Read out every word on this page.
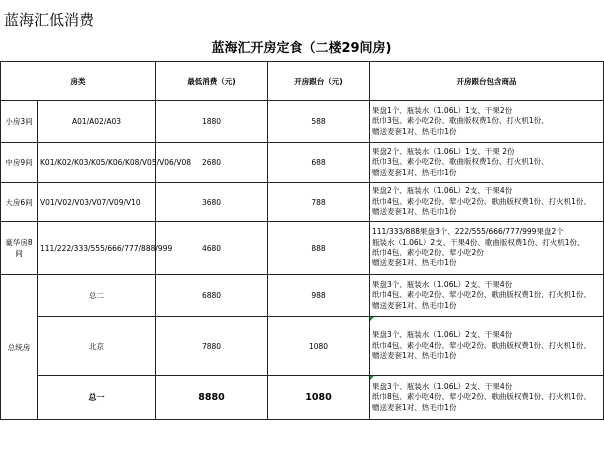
蓝海汇低消费
蓝海汇开房定食（二楼29间房)
房类		最低消费（元)	开房跟台（元)	开房跟台包含商品
小房3间	A01/A02/A03	1880	588	果盘1个、瓶装水（1.06L）1支、干果2份
纸巾3包、素小吃2份、歌曲版权费1份、打火机1份、
赠送麦套1对、热毛巾1份

中房9间	K01/K02/K03/K05/K06/K08/V05/V06/V08	2680	688	果盘2个、瓶装水（1.06L）1支、干果 2份
纸巾3包、素小吃2份、歌曲版权费1份、打火机1份、
赠送麦套1对、热毛巾1份

大房6间	V01/V02/V03/V07/V09/V10	3680	788	果盘2个、瓶装水（1.06L）2支、干果4份
纸巾4包、素小吃2份、荤小吃2份、歌曲版权费1份、打火机1份、
赠送麦套1对、热毛巾1份

豪华房8间	111/222/333/555/666/777/888/999	4680	888	111/333/888果盘3个、222/555/666/777/999果盘2个
瓶装水（1.06L）2支、干果4份、歌曲版权费1份、打火机1份、
纸巾4包、素小吃2份、荤小吃2份
赠送麦套1对、热毛巾1份

总统房	总二	6880	988	果盘3个、瓶装水（1.06L）2支、干果4份
纸巾4包、素小吃2份、荤小吃2份、歌曲版权费1份、打火机1份、
赠送麦套1对、热毛巾1份

	北京	7880	1080	果盘3个、瓶装水（1.06L）2支、干果4份
纸巾4包、素小吃4份、荤小吃2份、歌曲版权费1份、打火机1份、
赠送麦套1对、热毛巾1份

	总一	8880	1080	果盘3个、瓶装水（1.06L）2支、干果4份
纸巾8包、素小吃4份、荤小吃2份、歌曲版权费1份、打火机1份、
赠送麦套1对、热毛巾1份
